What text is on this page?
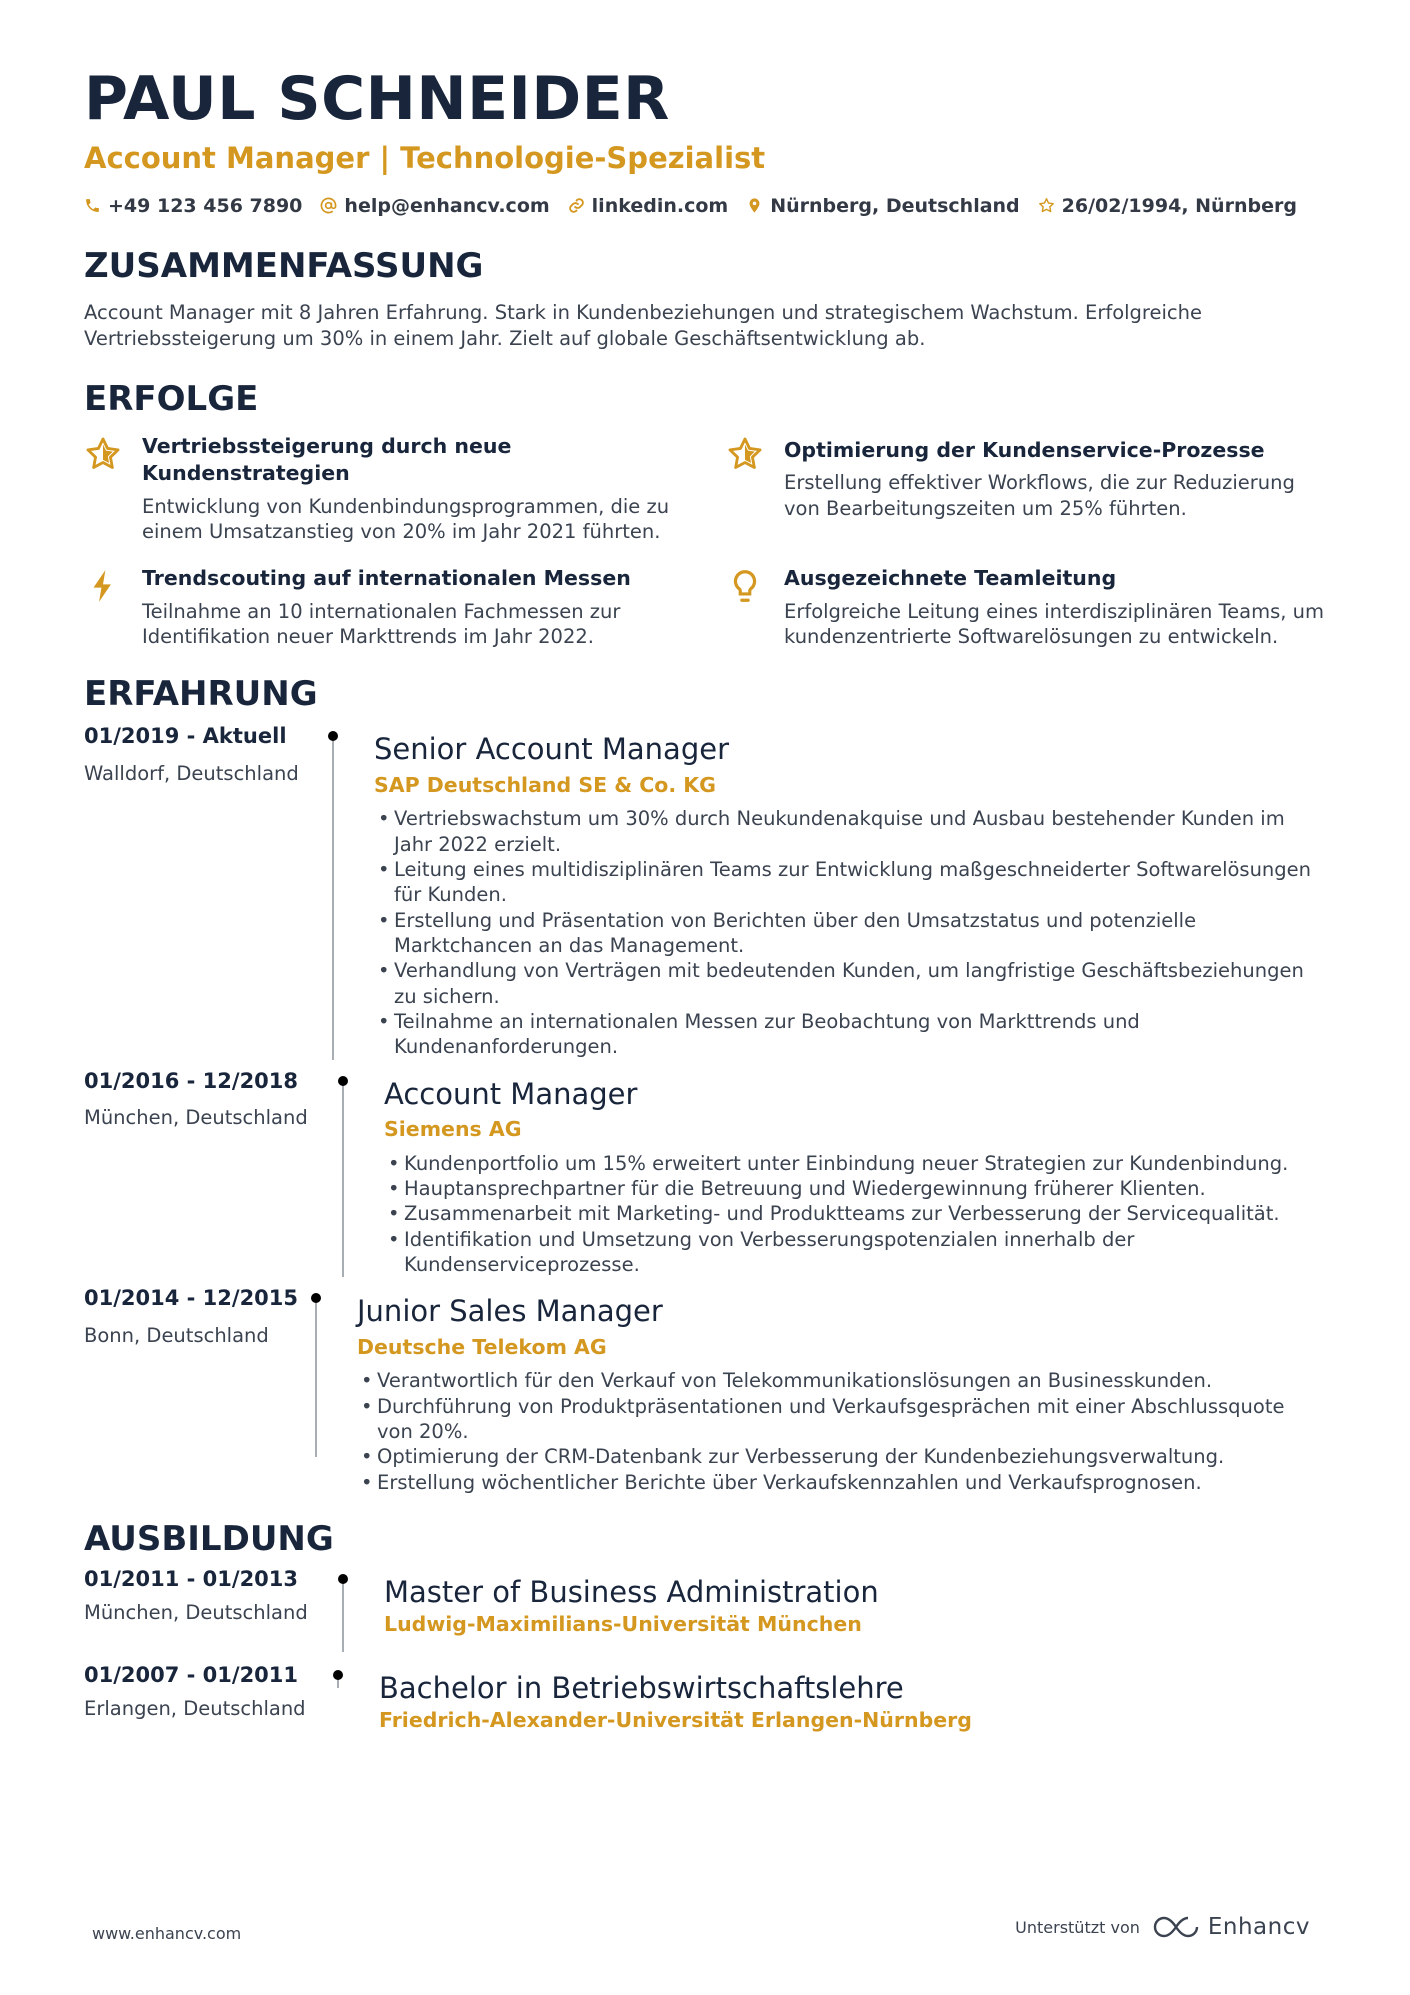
PAUL SCHNEIDER
Account Manager | Technologie-Spezialist
+49 123 456 7890 help@enhancv.com linkedin.com Nürnberg, Deutschland 26/02/1994, Nürnberg
ZUSAMMENFASSUNG
Account Manager mit 8 Jahren Erfahrung. Stark in Kundenbeziehungen und strategischem Wachstum. Erfolgreiche Vertriebssteigerung um 30% in einem Jahr. Zielt auf globale Geschäftsentwicklung ab.
ERFOLGE
Vertriebssteigerung durch neue Kundenstrategien
Entwicklung von Kundenbindungsprogrammen, die zu einem Umsatzanstieg von 20% im Jahr 2021 führten.
Optimierung der Kundenservice-Prozesse
Erstellung effektiver Workflows, die zur Reduzierung von Bearbeitungszeiten um 25% führten.
Trendscouting auf internationalen Messen
Teilnahme an 10 internationalen Fachmessen zur Identifikation neuer Markttrends im Jahr 2022.
Ausgezeichnete Teamleitung
Erfolgreiche Leitung eines interdisziplinären Teams, um kundenzentrierte Softwarelösungen zu entwickeln.
ERFAHRUNG
01/2019 - Aktuell
Walldorf, Deutschland
Senior Account Manager
SAP Deutschland SE & Co. KG
• Vertriebswachstum um 30% durch Neukundenakquise und Ausbau bestehender Kunden im Jahr 2022 erzielt.
• Leitung eines multidisziplinären Teams zur Entwicklung maßgeschneiderter Softwarelösungen für Kunden.
• Erstellung und Präsentation von Berichten über den Umsatzstatus und potenzielle Marktchancen an das Management.
• Verhandlung von Verträgen mit bedeutenden Kunden, um langfristige Geschäftsbeziehungen zu sichern.
• Teilnahme an internationalen Messen zur Beobachtung von Markttrends und Kundenanforderungen.
01/2016 - 12/2018
München, Deutschland
Account Manager
Siemens AG
• Kundenportfolio um 15% erweitert unter Einbindung neuer Strategien zur Kundenbindung.
• Hauptansprechpartner für die Betreuung und Wiedergewinnung früherer Klienten.
• Zusammenarbeit mit Marketing- und Produktteams zur Verbesserung der Servicequalität.
• Identifikation und Umsetzung von Verbesserungspotenzialen innerhalb der Kundenserviceprozesse.
01/2014 - 12/2015
Bonn, Deutschland
Junior Sales Manager
Deutsche Telekom AG
• Verantwortlich für den Verkauf von Telekommunikationslösungen an Businesskunden.
• Durchführung von Produktpräsentationen und Verkaufsgesprächen mit einer Abschlussquote von 20%.
• Optimierung der CRM-Datenbank zur Verbesserung der Kundenbeziehungsverwaltung.
• Erstellung wöchentlicher Berichte über Verkaufskennzahlen und Verkaufsprognosen.
AUSBILDUNG
01/2011 - 01/2013
München, Deutschland
Master of Business Administration
Ludwig-Maximilians-Universität München
01/2007 - 01/2011
Erlangen, Deutschland
Bachelor in Betriebswirtschaftslehre
Friedrich-Alexander-Universität Erlangen-Nürnberg
www.enhancv.com	Unterstützt von	Enhancv
